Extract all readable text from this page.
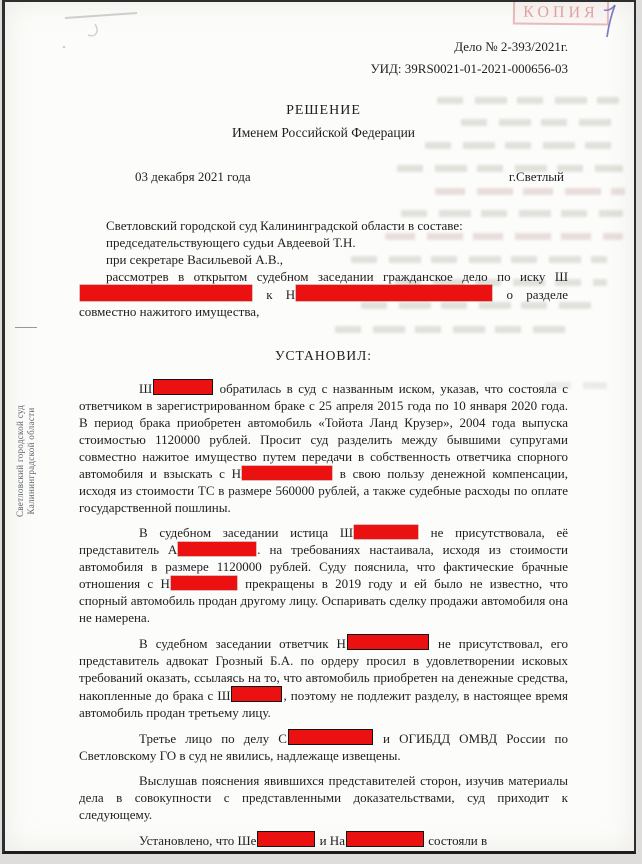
КОПИЯ
Светловский городской суд Калининградской области
Дело № 2-393/2021г.
УИД: 39RS0021-01-2021-000656-03
РЕШЕНИЕ
Именем Российской Федерации
03 декабря 2021 года	г.Светлый

Светловский городской суд Калининградской области в составе:

председательствующего судьи Авдеевой Т.Н.

при секретаре Васильевой А.В.,

рассмотрев в открытом судебном заседании гражданское дело по иску Ш к Н	о разделе совместно нажитого имущества,

УСТАНОВИЛ:

Ш	обратилась в суд с названным иском, указав, что состояла с ответчиком в зарегистрированном браке с 25 апреля 2015 года по 10 января 2020 года. В период брака приобретен автомобиль «Тойота Ланд Крузер», 2004 года выпуска стоимостью 1120000 рублей. Просит суд разделить между бывшими супругами совместно нажитое имущество путем передачи в собственность ответчика спорного автомобиля и взыскать с Н	в свою пользу денежной компенсации, исходя из стоимости ТС в размере 560000 рублей, а также судебные расходы по оплате государственной пошлины.

В судебном заседании истица Ш	не присутствовала, её представитель А	. на требованиях настаивала, исходя из стоимости автомобиля в размере 1120000 рублей. Суду пояснила, что фактические брачные отношения с Н	прекращены в 2019 году и ей было не известно, что спорный автомобиль продан другому лицу. Оспаривать сделку продажи автомобиля она не намерена.

В судебном заседании ответчик Н	не присутствовал, его представитель адвокат Грозный Б.А. по ордеру просил в удовлетворении исковых требований оказать, ссылаясь на то, что автомобиль приобретен на денежные средства, накопленные до брака с Ш	, поэтому не подлежит разделу, в настоящее время автомобиль продан третьему лицу.

Третье лицо по делу С	и ОГИБДД ОМВД России по Светловскому ГО в суд не явились, надлежаще извещены.

Выслушав пояснения явившихся представителей сторон, изучив материалы дела в совокупности с представленными доказательствами, суд приходит к следующему.

Установлено, что Ше	и На	состояли в
